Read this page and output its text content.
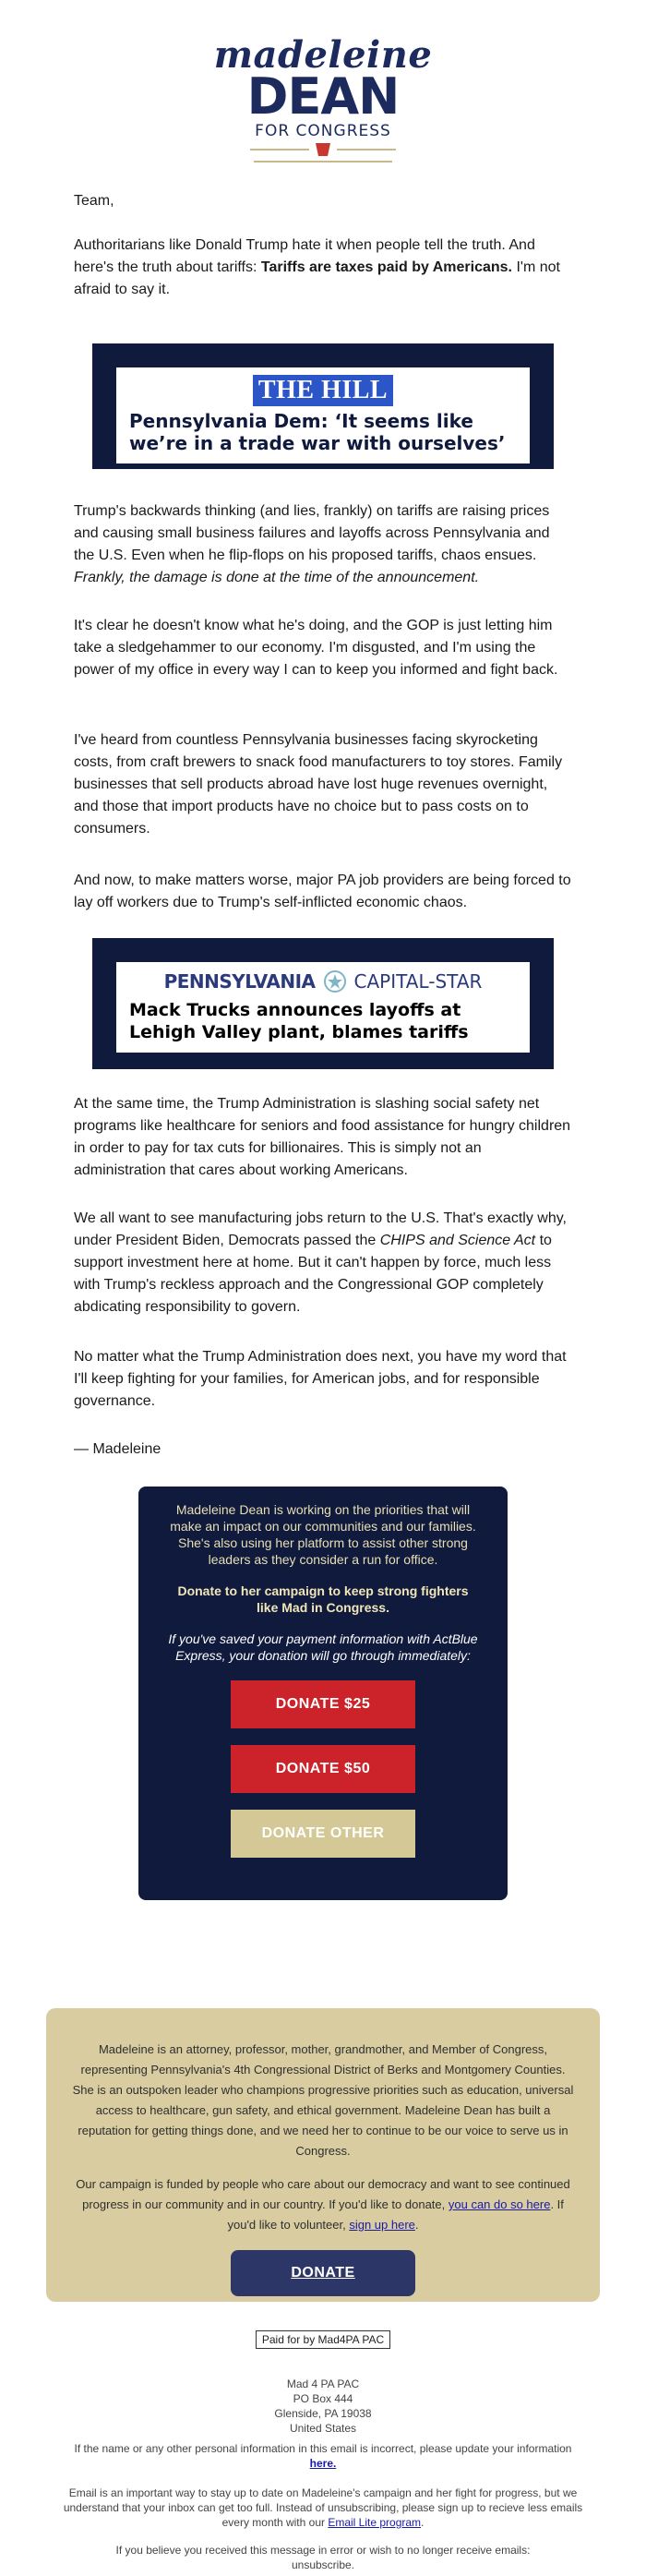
madeleine
DEAN
FOR CONGRESS

Team,

Authoritarians like Donald Trump hate it when people tell the truth. And here's the truth about tariffs: Tariffs are taxes paid by Americans. I'm not afraid to say it.

THE HILL
Pennsylvania Dem: ‘It seems like we’re in a trade war with ourselves’

Trump's backwards thinking (and lies, frankly) on tariffs are raising prices and causing small business failures and layoffs across Pennsylvania and the U.S. Even when he flip-flops on his proposed tariffs, chaos ensues. Frankly, the damage is done at the time of the announcement.

It's clear he doesn't know what he's doing, and the GOP is just letting him take a sledgehammer to our economy. I'm disgusted, and I'm using the power of my office in every way I can to keep you informed and fight back.

I've heard from countless Pennsylvania businesses facing skyrocketing costs, from craft brewers to snack food manufacturers to toy stores. Family businesses that sell products abroad have lost huge revenues overnight, and those that import products have no choice but to pass costs on to consumers.

And now, to make matters worse, major PA job providers are being forced to lay off workers due to Trump's self-inflicted economic chaos.

PENNSYLVANIA CAPITAL-STAR
Mack Trucks announces layoffs at Lehigh Valley plant, blames tariffs

At the same time, the Trump Administration is slashing social safety net programs like healthcare for seniors and food assistance for hungry children in order to pay for tax cuts for billionaires. This is simply not an administration that cares about working Americans.

We all want to see manufacturing jobs return to the U.S. That's exactly why, under President Biden, Democrats passed the CHIPS and Science Act to support investment here at home. But it can't happen by force, much less with Trump's reckless approach and the Congressional GOP completely abdicating responsibility to govern.

No matter what the Trump Administration does next, you have my word that I'll keep fighting for your families, for American jobs, and for responsible governance.

— Madeleine

Madeleine Dean is working on the priorities that will make an impact on our communities and our families. She's also using her platform to assist other strong leaders as they consider a run for office.

Donate to her campaign to keep strong fighters like Mad in Congress.

If you've saved your payment information with ActBlue Express, your donation will go through immediately:

DONATE $25
DONATE $50
DONATE OTHER

Madeleine is an attorney, professor, mother, grandmother, and Member of Congress, representing Pennsylvania's 4th Congressional District of Berks and Montgomery Counties. She is an outspoken leader who champions progressive priorities such as education, universal access to healthcare, gun safety, and ethical government. Madeleine Dean has built a reputation for getting things done, and we need her to continue to be our voice to serve us in Congress.

Our campaign is funded by people who care about our democracy and want to see continued progress in our community and in our country. If you'd like to donate, you can do so here. If you'd like to volunteer, sign up here.

DONATE
Paid for by Mad4PA PAC
Mad 4 PA PAC
PO Box 444
Glenside, PA 19038
United States
If the name or any other personal information in this email is incorrect, please update your information
here.
Email is an important way to stay up to date on Madeleine's campaign and her fight for progress, but we understand that your inbox can get too full. Instead of unsubscribing, please sign up to recieve less emails every month with our Email Lite program.
If you believe you received this message in error or wish to no longer receive emails:
unsubscribe.
